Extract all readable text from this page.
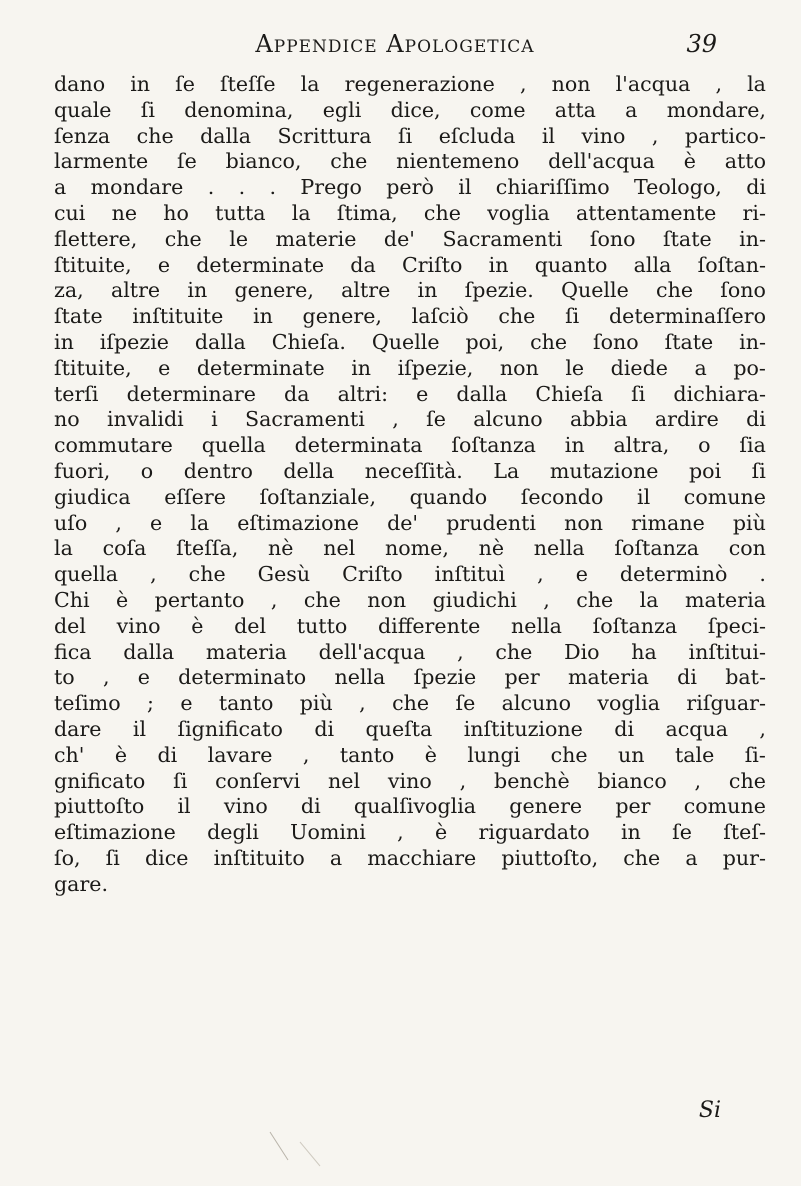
Appendice Apologetica	39
dano in ſe ſteſſe la regenerazione , non l'acqua , la
quale ſi denomina, egli dice, come atta a mondare,
ſenza che dalla Scrittura ſi eſcluda il vino , partico-
larmente ſe bianco, che nientemeno dell'acqua è atto
a mondare . . . Prego però il chiariſſimo Teologo, di
cui ne ho tutta la ſtima, che voglia attentamente ri-
flettere, che le materie de' Sacramenti ſono ſtate in-
ſtituite, e determinate da Criſto in quanto alla ſoſtan-
za, altre in genere, altre in ſpezie. Quelle che ſono
ſtate inſtituite in genere, laſciò che ſi determinaſſero
in iſpezie dalla Chieſa. Quelle poi, che ſono ſtate in-
ſtituite, e determinate in iſpezie, non le diede a po-
terſi determinare da altri: e dalla Chieſa ſi dichiara-
no invalidi i Sacramenti , ſe alcuno abbia ardire di
commutare quella determinata ſoſtanza in altra, o ſia
fuori, o dentro della neceſſità. La mutazione poi ſi
giudica eſſere ſoſtanziale, quando ſecondo il comune
uſo , e la eſtimazione de' prudenti non rimane più
la coſa ſteſſa, nè nel nome, nè nella ſoſtanza con
quella , che Gesù Criſto inſtituì , e determinò .
Chi è pertanto , che non giudichi , che la materia
del vino è del tutto differente nella ſoſtanza ſpeci-
fica dalla materia dell'acqua , che Dio ha inſtitui-
to , e determinato nella ſpezie per materia di bat-
teſimo ; e tanto più , che ſe alcuno voglia riſguar-
dare il ſignificato di queſta inſtituzione di acqua ,
ch' è di lavare , tanto è lungi che un tale ſi-
gnificato ſi conſervi nel vino , benchè bianco , che
piuttoſto il vino di qualſivoglia genere per comune
eſtimazione degli Uomini , è riguardato in ſe ſteſ-
ſo, ſi dice inſtituito a macchiare piuttoſto, che a pur-
gare.
Si
